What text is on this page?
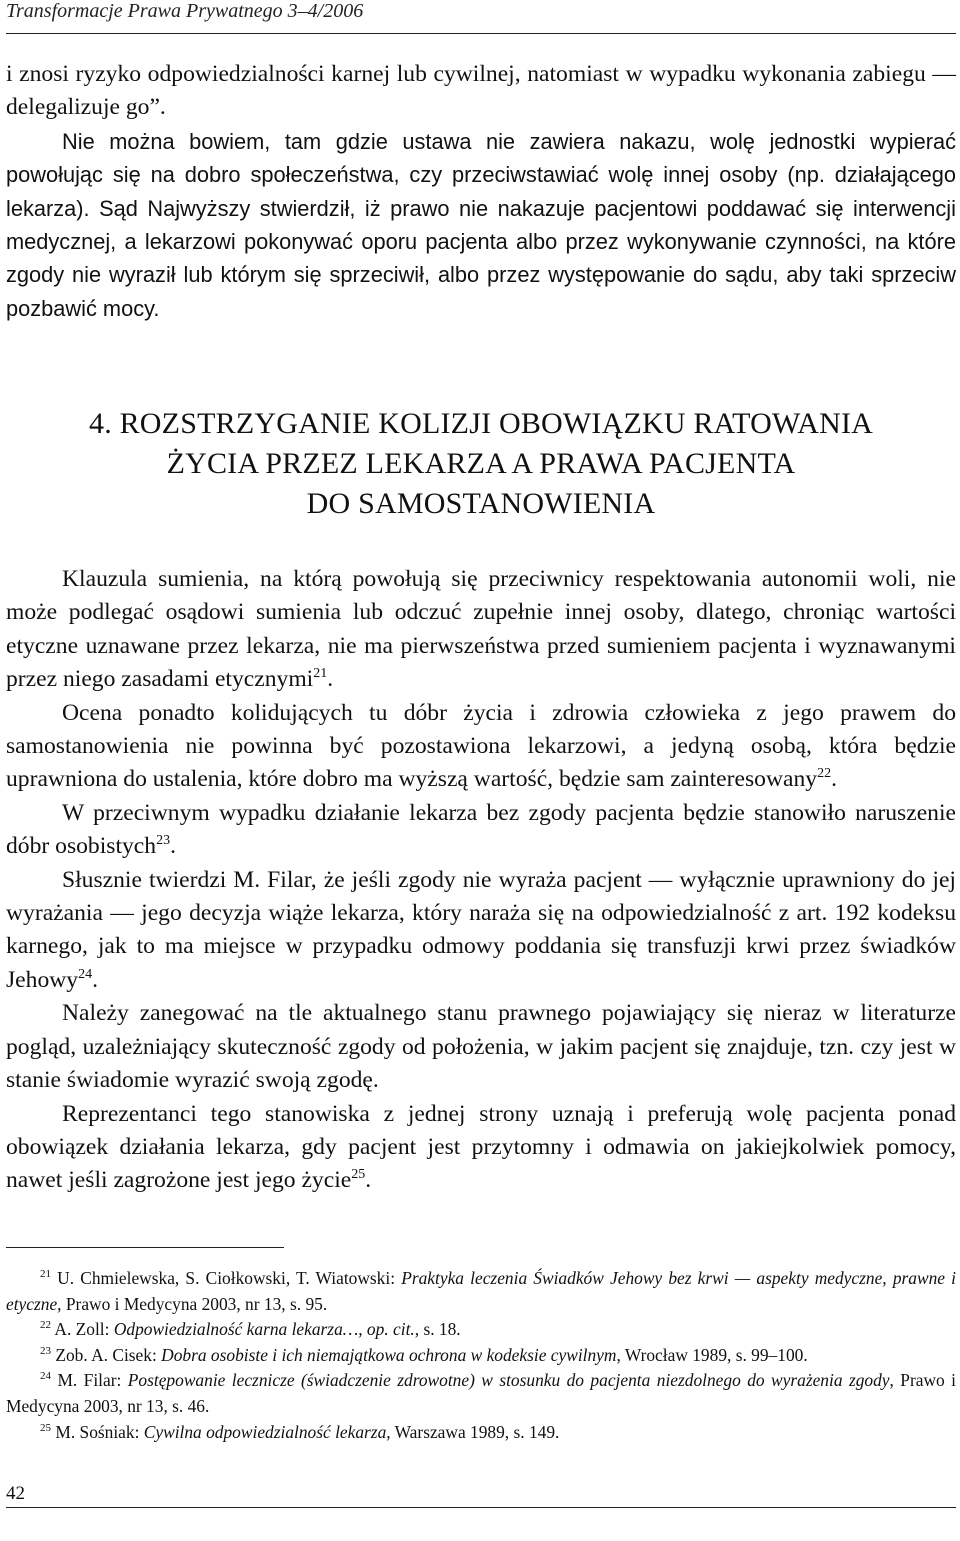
Transformacje Prawa Prywatnego 3–4/2006

i znosi ryzyko odpowiedzialności karnej lub cywilnej, natomiast w wypadku wykonania zabiegu — delegalizuje go”.

Nie można bowiem, tam gdzie ustawa nie zawiera nakazu, wolę jednostki wypierać powołując się na dobro społeczeństwa, czy przeciwstawiać wolę innej osoby (np. działającego lekarza). Sąd Najwyższy stwierdził, iż prawo nie nakazuje pacjentowi poddawać się interwencji medycznej, a lekarzowi pokonywać oporu pacjenta albo przez wykonywanie czynności, na które zgody nie wyraził lub którym się sprzeciwił, albo przez występowanie do sądu, aby taki sprzeciw pozbawić mocy.

4. ROZSTRZYGANIE KOLIZJI OBOWIĄZKU RATOWANIA
ŻYCIA PRZEZ LEKARZA A PRAWA PACJENTA
DO SAMOSTANOWIENIA

Klauzula sumienia, na którą powołują się przeciwnicy respektowania autonomii woli, nie może podlegać osądowi sumienia lub odczuć zupełnie innej osoby, dlatego, chroniąc wartości etyczne uznawane przez lekarza, nie ma pierwszeństwa przed sumieniem pacjenta i wyznawanymi przez niego zasadami etycznymi$^{21}$.

Ocena ponadto kolidujących tu dóbr życia i zdrowia człowieka z jego prawem do samostanowienia nie powinna być pozostawiona lekarzowi, a jedyną osobą, która będzie uprawniona do ustalenia, które dobro ma wyższą wartość, będzie sam zainteresowany$^{22}$.

W przeciwnym wypadku działanie lekarza bez zgody pacjenta będzie stanowiło naruszenie dóbr osobistych$^{23}$.

Słusznie twierdzi M. Filar, że jeśli zgody nie wyraża pacjent — wyłącznie uprawniony do jej wyrażania — jego decyzja wiąże lekarza, który naraża się na odpowiedzialność z art. 192 kodeksu karnego, jak to ma miejsce w przypadku odmowy poddania się transfuzji krwi przez świadków Jehowy$^{24}$.

Należy zanegować na tle aktualnego stanu prawnego pojawiający się nieraz w literaturze pogląd, uzależniający skuteczność zgody od położenia, w jakim pacjent się znajduje, tzn. czy jest w stanie świadomie wyrazić swoją zgodę.

Reprezentanci tego stanowiska z jednej strony uznają i preferują wolę pacjenta ponad obowiązek działania lekarza, gdy pacjent jest przytomny i odmawia on jakiejkolwiek pomocy, nawet jeśli zagrożone jest jego życie$^{25}$.

$^{21}$ U. Chmielewska, S. Ciołkowski, T. Wiatowski: Praktyka leczenia Świadków Jehowy bez krwi — aspekty medyczne, prawne i etyczne, Prawo i Medycyna 2003, nr 13, s. 95.

$^{22}$ A. Zoll: Odpowiedzialność karna lekarza…, op. cit., s. 18.

$^{23}$ Zob. A. Cisek: Dobra osobiste i ich niemajątkowa ochrona w kodeksie cywilnym, Wrocław 1989, s. 99–100.

$^{24}$ M. Filar: Postępowanie lecznicze (świadczenie zdrowotne) w stosunku do pacjenta niezdolnego do wyrażenia zgody, Prawo i Medycyna 2003, nr 13, s. 46.

$^{25}$ M. Sośniak: Cywilna odpowiedzialność lekarza, Warszawa 1989, s. 149.

42
